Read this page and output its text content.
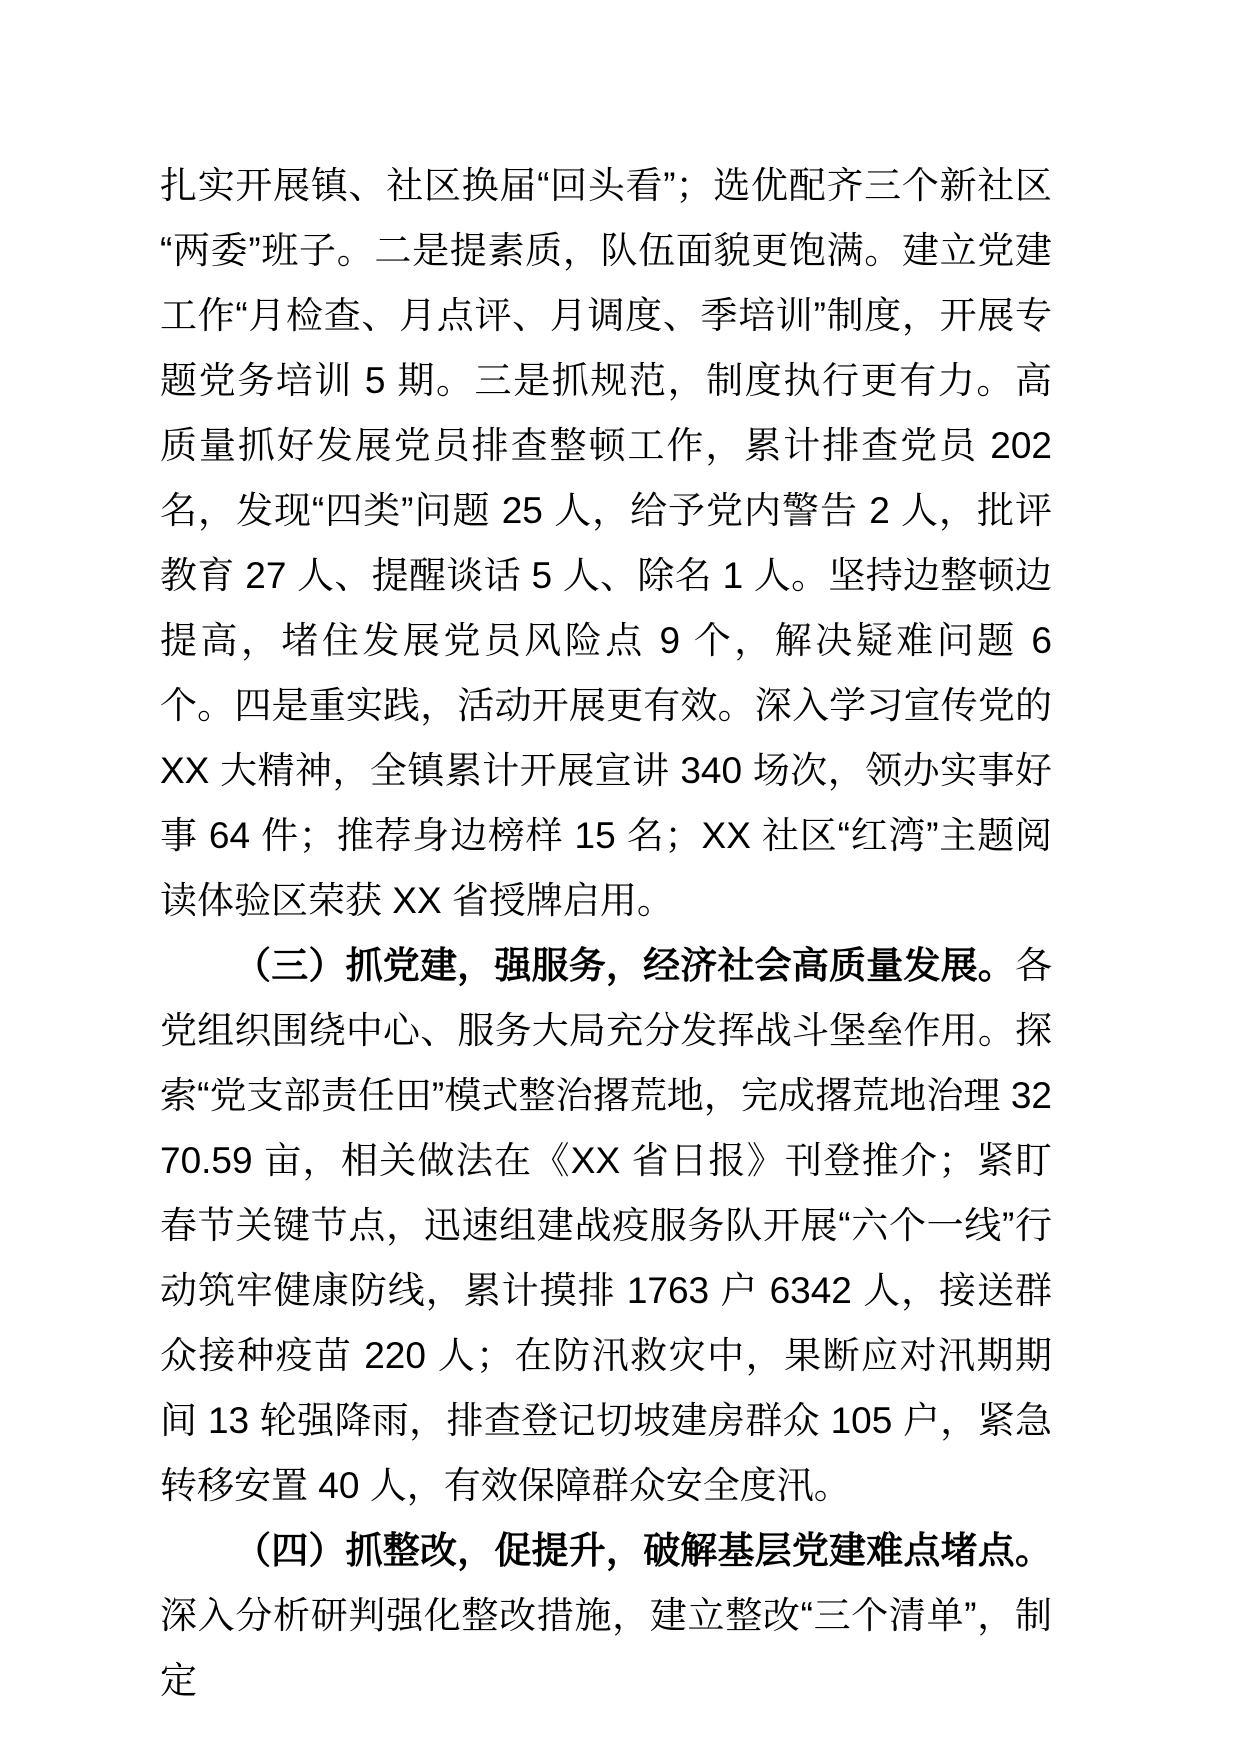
扎实开展镇、社区换届“回头看”；选优配齐三个新社区“两委”班子。二是提素质，队伍面貌更饱满。建立党建工作“月检查、月点评、月调度、季培训”制度，开展专题党务培训 5 期。三是抓规范，制度执行更有力。高质量抓好发展党员排查整顿工作，累计排查党员 202 名，发现“四类”问题 25 人，给予党内警告 2 人，批评教育 27 人、提醒谈话 5 人、除名 1 人。坚持边整顿边提高，堵住发展党员风险点 9 个，解决疑难问题 6 个。四是重实践，活动开展更有效。深入学习宣传党的 XX 大精神，全镇累计开展宣讲 340 场次，领办实事好事 64 件；推荐身边榜样 15 名；XX 社区“红湾”主题阅读体验区荣获 XX 省授牌启用。

（三）抓党建，强服务，经济社会高质量发展。各党组织围绕中心、服务大局充分发挥战斗堡垒作用。探索“党支部责任田”模式整治撂荒地，完成撂荒地治理 3270.59 亩，相关做法在《XX 省日报》刊登推介；紧盯春节关键节点，迅速组建战疫服务队开展“六个一线”行动筑牢健康防线，累计摸排 1763 户 6342 人，接送群众接种疫苗 220 人；在防汛救灾中，果断应对汛期期间 13 轮强降雨，排查登记切坡建房群众 105 户，紧急转移安置 40 人，有效保障群众安全度汛。

（四）抓整改，促提升，破解基层党建难点堵点。深入分析研判强化整改措施，建立整改“三个清单”，制定
